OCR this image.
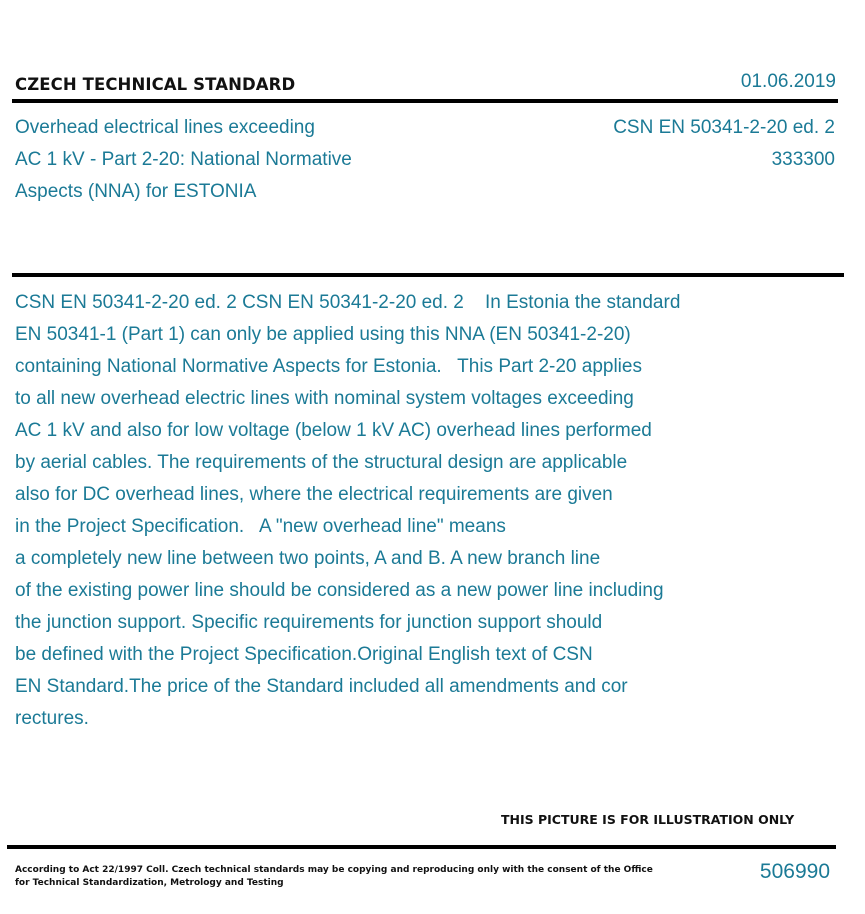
CZECH TECHNICAL STANDARD	01.06.2019
Overhead electrical lines exceeding
AC 1 kV - Part 2-20: National Normative
Aspects (NNA) for ESTONIA
CSN EN 50341-2-20 ed. 2
333300
CSN EN 50341-2-20 ed. 2 CSN EN 50341-2-20 ed. 2    In Estonia the standard
EN 50341-1 (Part 1) can only be applied using this NNA (EN 50341-2-20)
containing National Normative Aspects for Estonia.   This Part 2-20 applies
to all new overhead electric lines with nominal system voltages exceeding
AC 1 kV and also for low voltage (below 1 kV AC) overhead lines performed
by aerial cables. The requirements of the structural design are applicable
also for DC overhead lines, where the electrical requirements are given
in the Project Specification.   A "new overhead line" means
a completely new line between two points, A and B. A new branch line
of the existing power line should be considered as a new power line including
the junction support. Specific requirements for junction support should
be defined with the Project Specification.Original English text of CSN
EN Standard.The price of the Standard included all amendments and cor
rectures.
THIS PICTURE IS FOR ILLUSTRATION ONLY
According to Act 22/1997 Coll. Czech technical standards may be copying and reproducing only with the consent of the Office
for Technical Standardization, Metrology and Testing	506990
